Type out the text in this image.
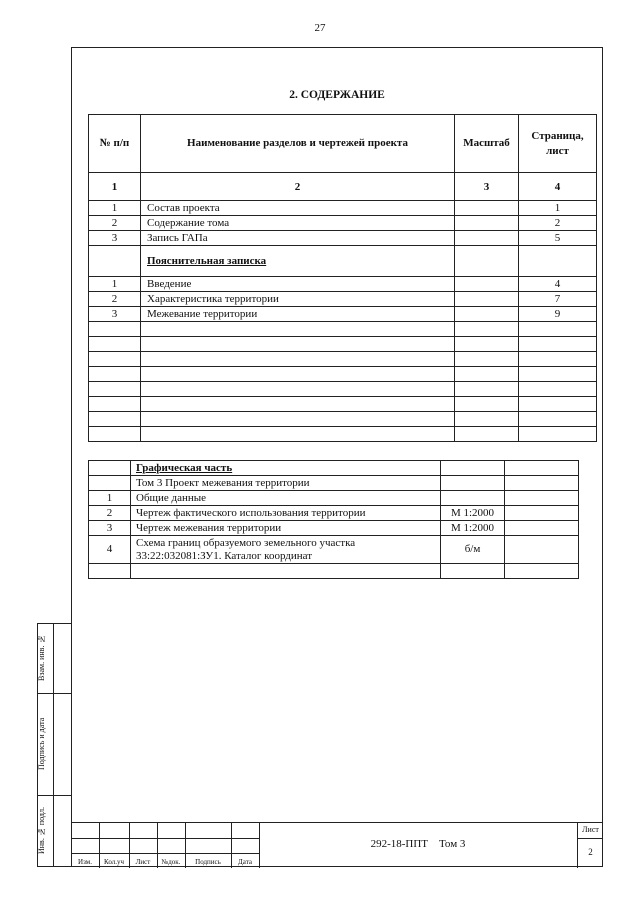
27
2. СОДЕРЖАНИЕ
№ п/п	Наименование разделов и чертежей проекта	Масштаб	Страница, лист
1	2	3	4
1	Состав проекта		1
2	Содержание тома		2
3	Запись ГАПа		5
	Пояснительная записка		
1	Введение		4
2	Характеристика территории		7
3	Межевание территории		9

	Графическая часть		
	Том 3 Проект межевания территории		
1	Общие данные		
2	Чертеж фактического использования территории	М 1:2000	
3	Чертеж межевания территории	М 1:2000	
4	Схема границ образуемого земельного участка
33:22:032081:ЗУ1. Каталог координат	б/м	

Взам. инв. №
Подпись и дата
Инв. № подл.
Изм.	Кол.уч	Лист	№док.	Подпись	Дата
292-18-ППТ    Том 3
Лист
2
